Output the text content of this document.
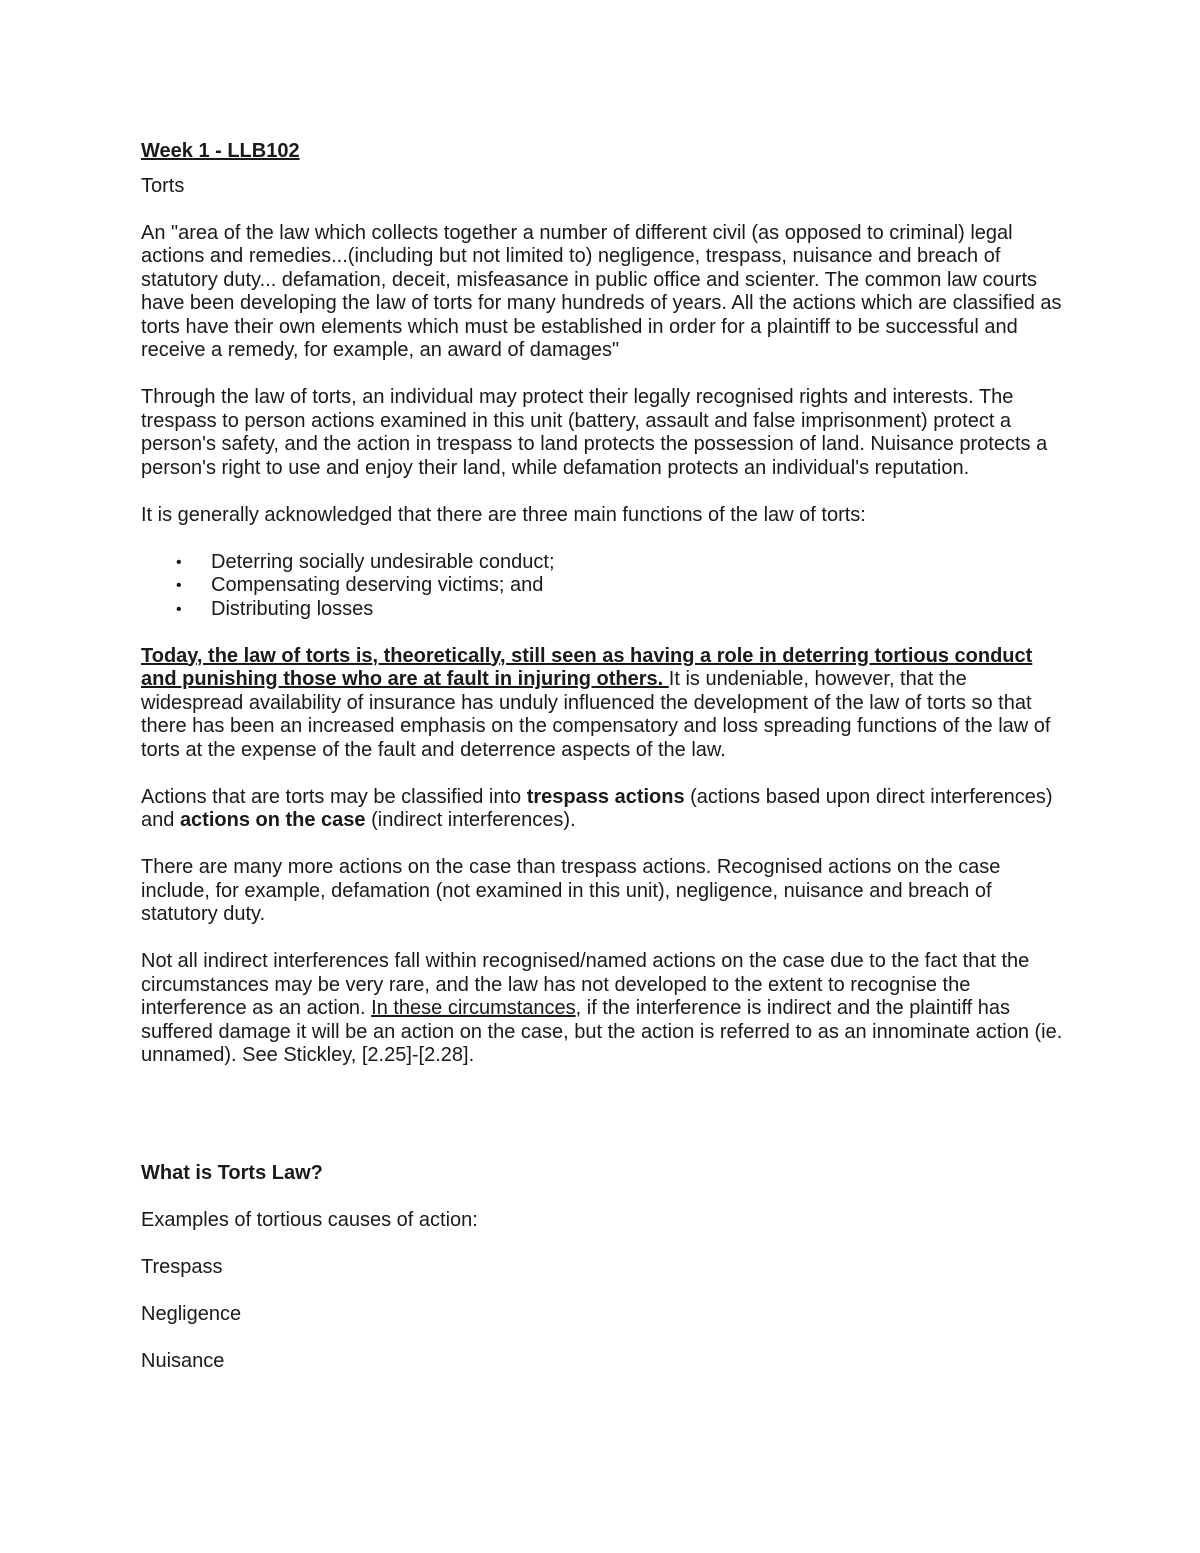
Week 1 - LLB102

Torts

An "area of the law which collects together a number of different civil (as opposed to criminal) legal actions and remedies...(including but not limited to) negligence, trespass, nuisance and breach of statutory duty... defamation, deceit, misfeasance in public office and scienter. The common law courts have been developing the law of torts for many hundreds of years. All the actions which are classified as torts have their own elements which must be established in order for a plaintiff to be successful and receive a remedy, for example, an award of damages"

Through the law of torts, an individual may protect their legally recognised rights and interests. The trespass to person actions examined in this unit (battery, assault and false imprisonment) protect a person's safety, and the action in trespass to land protects the possession of land. Nuisance protects a person's right to use and enjoy their land, while defamation protects an individual's reputation.

It is generally acknowledged that there are three main functions of the law of torts:

• Deterring socially undesirable conduct;
• Compensating deserving victims; and
• Distributing losses

Today, the law of torts is, theoretically, still seen as having a role in deterring tortious conduct and punishing those who are at fault in injuring others. It is undeniable, however, that the widespread availability of insurance has unduly influenced the development of the law of torts so that there has been an increased emphasis on the compensatory and loss spreading functions of the law of torts at the expense of the fault and deterrence aspects of the law.

Actions that are torts may be classified into trespass actions (actions based upon direct interferences) and actions on the case (indirect interferences).

There are many more actions on the case than trespass actions. Recognised actions on the case include, for example, defamation (not examined in this unit), negligence, nuisance and breach of statutory duty.

Not all indirect interferences fall within recognised/named actions on the case due to the fact that the circumstances may be very rare, and the law has not developed to the extent to recognise the interference as an action. In these circumstances, if the interference is indirect and the plaintiff has suffered damage it will be an action on the case, but the action is referred to as an innominate action (ie. unnamed). See Stickley, [2.25]-[2.28].

What is Torts Law?

Examples of tortious causes of action:

Trespass

Negligence

Nuisance
